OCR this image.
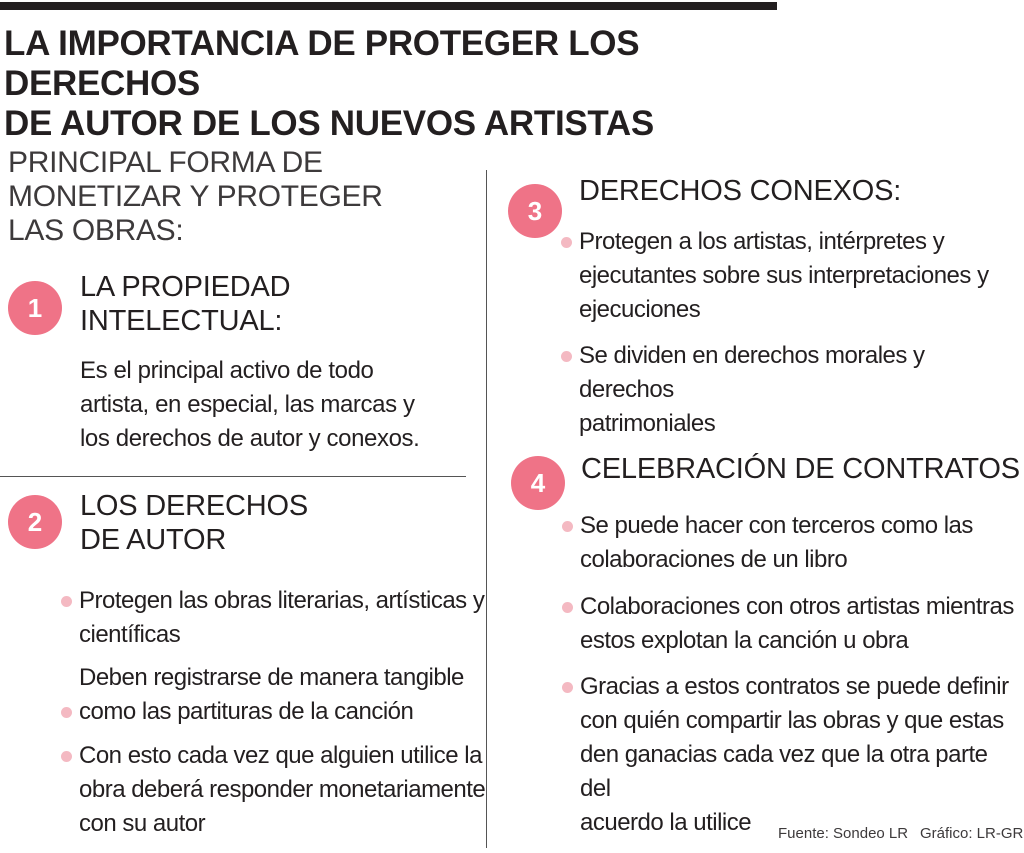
LA IMPORTANCIA DE PROTEGER LOS DERECHOS
DE AUTOR DE LOS NUEVOS ARTISTAS
PRINCIPAL FORMA DE
MONETIZAR Y PROTEGER
LAS OBRAS:
1
LA PROPIEDAD
INTELECTUAL:
Es el principal activo de todo
artista, en especial, las marcas y
los derechos de autor y conexos.
2	LOS DERECHOS
DE AUTOR
Protegen las obras literarias, artísticas y
científicas
Deben registrarse de manera tangible
como las partituras de la canción
Con esto cada vez que alguien utilice la
obra deberá responder monetariamente
con su autor
3
DERECHOS CONEXOS:
Protegen a los artistas, intérpretes y
ejecutantes sobre sus interpretaciones y
ejecuciones
Se dividen en derechos morales y derechos
patrimoniales
4	CELEBRACIÓN DE CONTRATOS
Se puede hacer con terceros como las
colaboraciones de un libro
Colaboraciones con otros artistas mientras
estos explotan la canción u obra
Gracias a estos contratos se puede definir
con quién compartir las obras y que estas
den ganacias cada vez que la otra parte del
acuerdo la utilice	Fuente: Sondeo LR Gráfico: LR-GR
